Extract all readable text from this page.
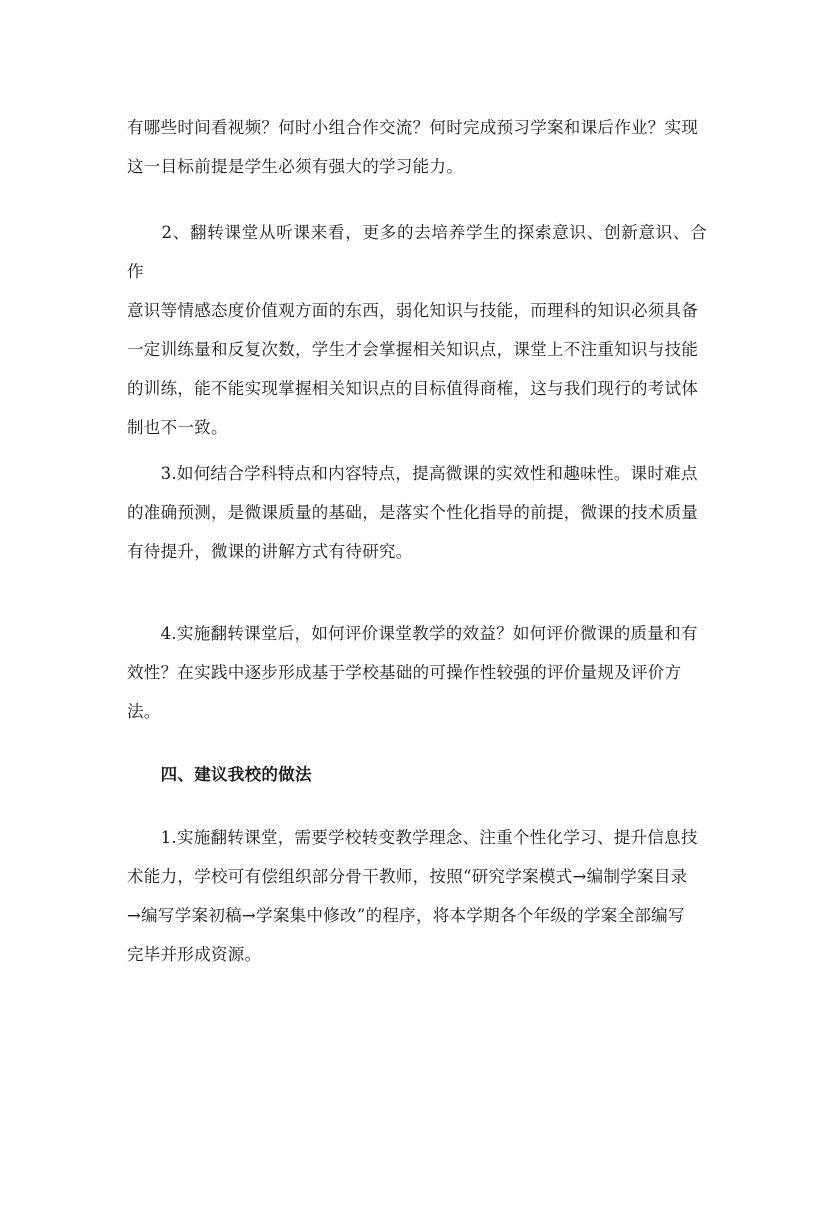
有哪些时间看视频？何时小组合作交流？何时完成预习学案和课后作业？实现
这一目标前提是学生必须有强大的学习能力。
　　2、翻转课堂从听课来看，更多的去培养学生的探索意识、创新意识、合作
意识等情感态度价值观方面的东西，弱化知识与技能，而理科的知识必须具备
一定训练量和反复次数，学生才会掌握相关知识点，课堂上不注重知识与技能
的训练，能不能实现掌握相关知识点的目标值得商榷，这与我们现行的考试体
制也不一致。
　　3.如何结合学科特点和内容特点，提高微课的实效性和趣味性。课时难点
的准确预测，是微课质量的基础，是落实个性化指导的前提，微课的技术质量
有待提升，微课的讲解方式有待研究。
　　4.实施翻转课堂后，如何评价课堂教学的效益？如何评价微课的质量和有
效性？在实践中逐步形成基于学校基础的可操作性较强的评价量规及评价方
法。
　　四、建议我校的做法
　　1.实施翻转课堂，需要学校转变教学理念、注重个性化学习、提升信息技
术能力，学校可有偿组织部分骨干教师，按照“研究学案模式→编制学案目录
→编写学案初稿→学案集中修改”的程序，将本学期各个年级的学案全部编写
完毕并形成资源。
